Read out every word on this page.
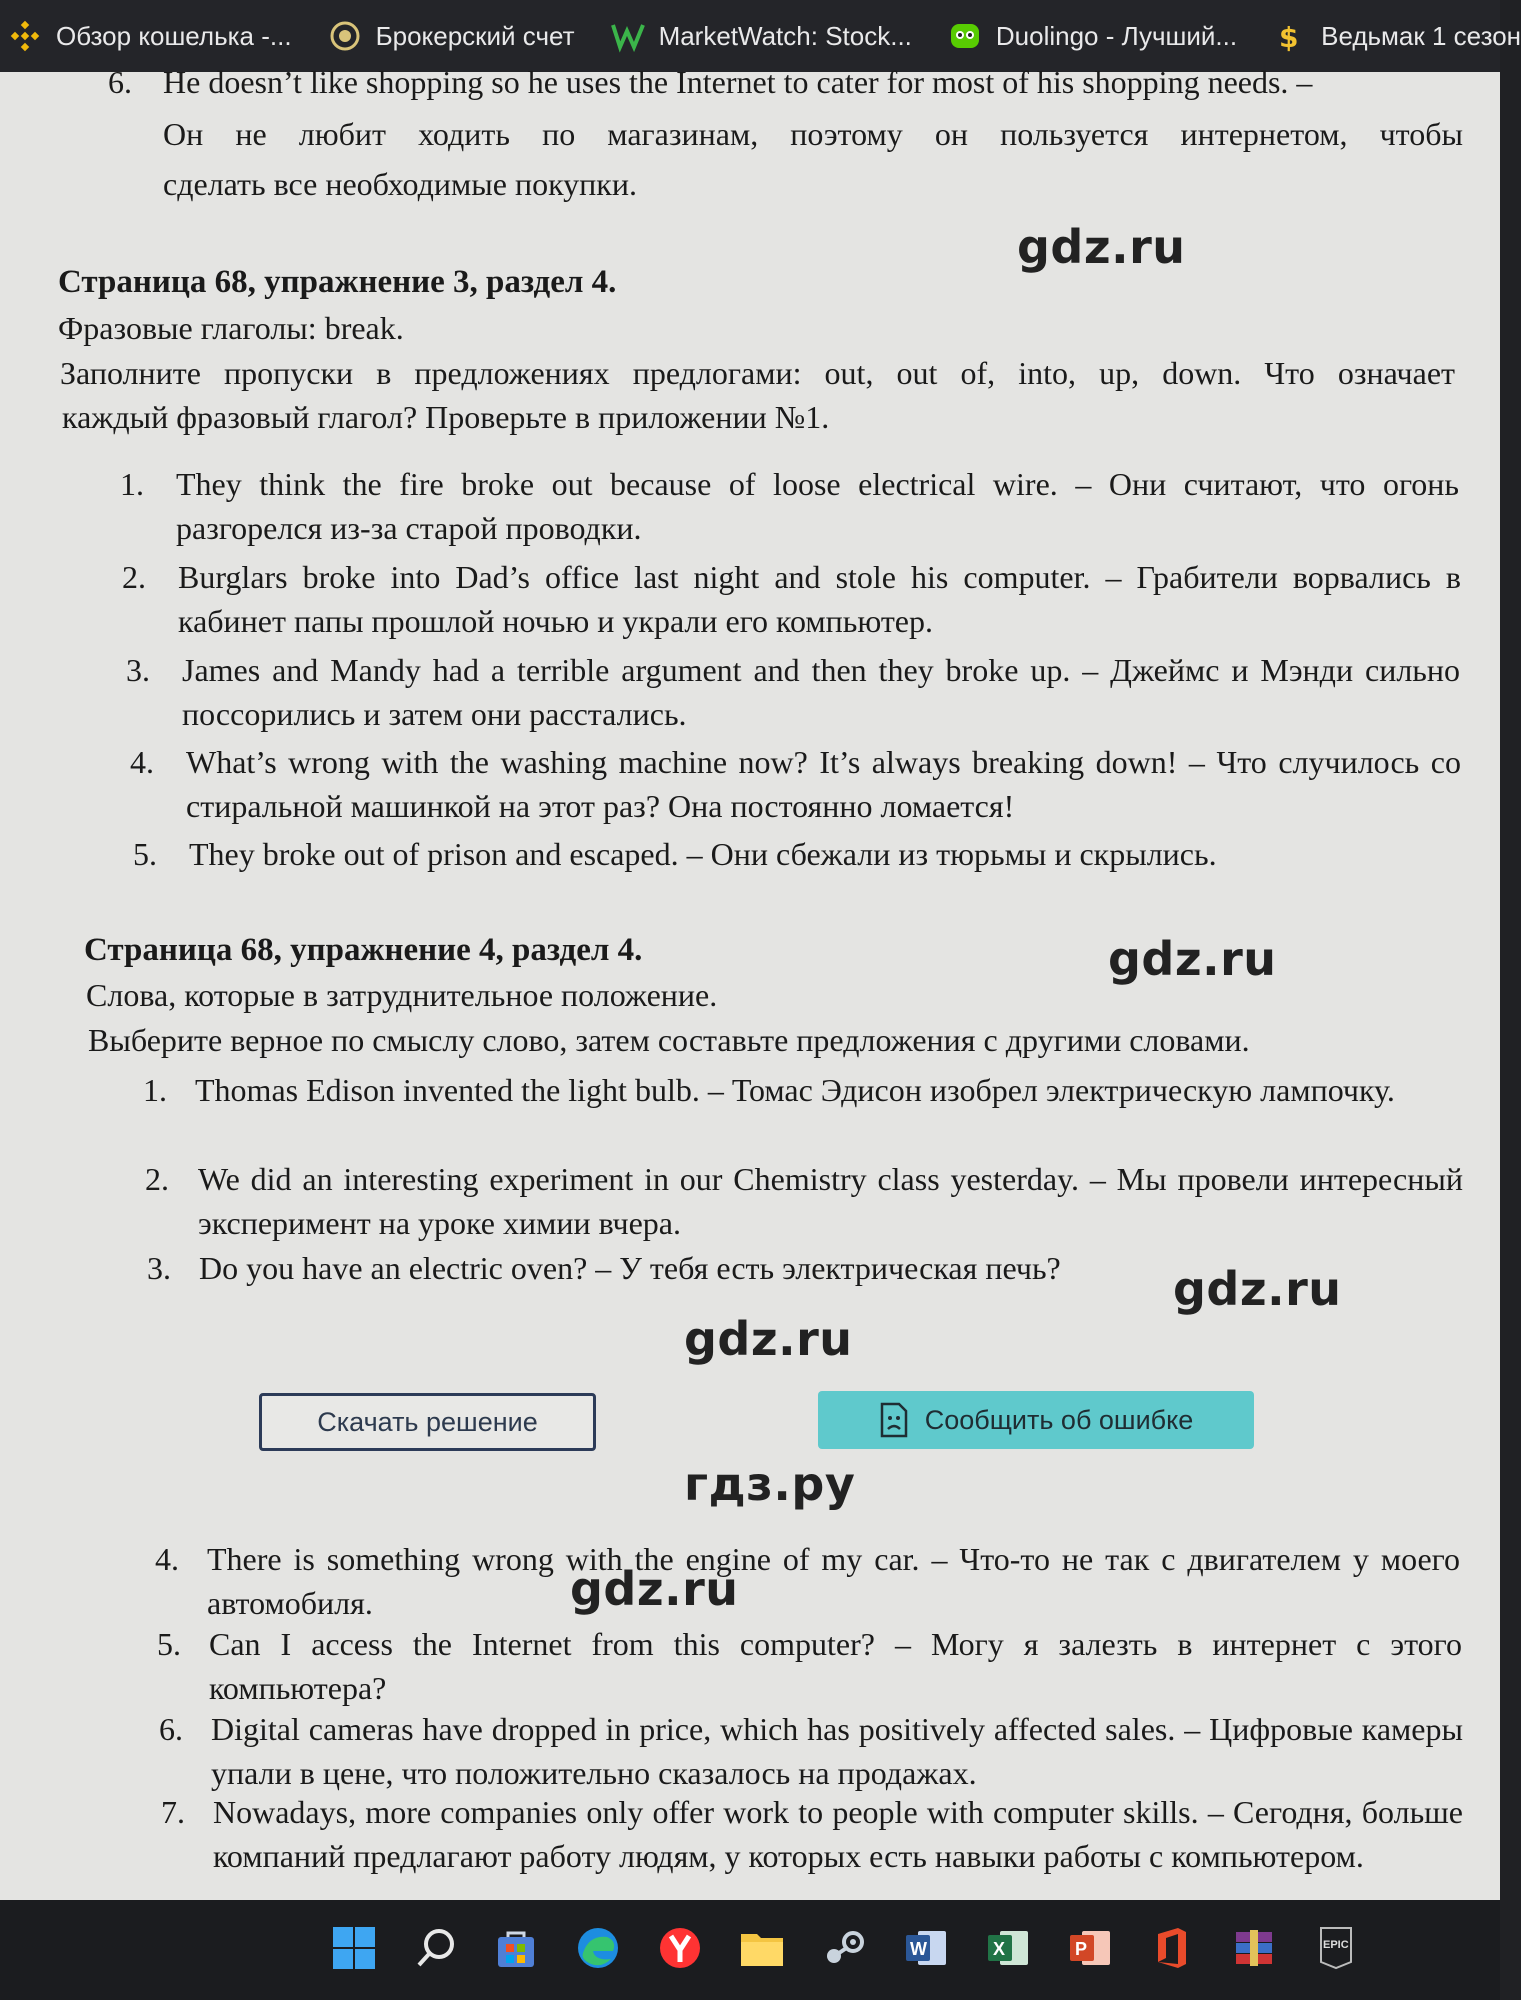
Обзор кошелька -...	Брокерский счет	MarketWatch: Stock...	Duolingo - Лучший... $ Ведьмак 1 сезон
6. He doesn’t like shopping so he uses the Internet to cater for most of his shopping needs. –
Он не любит ходить по магазинам, поэтому он пользуется интернетом, чтобы
сделать все необходимые покупки.
gdz.ru
Страница 68, упражнение 3, раздел 4.
Фразовые глаголы: break.
Заполните пропуски в предложениях предлогами: out, out of, into, up, down. Что означает
каждый фразовый глагол? Проверьте в приложении №1.
1. They think the fire broke out because of loose electrical wire. – Они считают, что огонь разгорелся из-за старой проводки.
2. Burglars broke into Dad’s office last night and stole his computer. – Грабители ворвались в кабинет папы прошлой ночью и украли его компьютер.
3. James and Mandy had a terrible argument and then they broke up. – Джеймс и Мэнди сильно поссорились и затем они расстались.
4. What’s wrong with the washing machine now? It’s always breaking down! – Что случилось со стиральной машинкой на этот раз? Она постоянно ломается!
5. They broke out of prison and escaped. – Они сбежали из тюрьмы и скрылись.
Страница 68, упражнение 4, раздел 4.	gdz.ru
Слова, которые в затруднительное положение.
Выберите верное по смыслу слово, затем составьте предложения с другими словами.
1. Thomas Edison invented the light bulb. – Томас Эдисон изобрел электрическую лампочку.
2. We did an interesting experiment in our Chemistry class yesterday. – Мы провели интересный эксперимент на уроке химии вчера.
3. Do you have an electric oven? – У тебя есть электрическая печь?	gdz.ru
gdz.ru
Скачать решение	Сообщить об ошибке
гдз.ру
4. There is something wrong with the engine of my car. – Что-то не так с двигателем у моего автомобиля.	gdz.ru
5. Can I access the Internet from this computer? – Могу я залезть в интернет с этого компьютера?
6. Digital cameras have dropped in price, which has positively affected sales. – Цифровые камеры упали в цене, что положительно сказалось на продажах.
7. Nowadays, more companies only offer work to people with computer skills. – Сегодня, больше компаний предлагают работу людям, у которых есть навыки работы с компьютером.
W	X	P	EPIC
